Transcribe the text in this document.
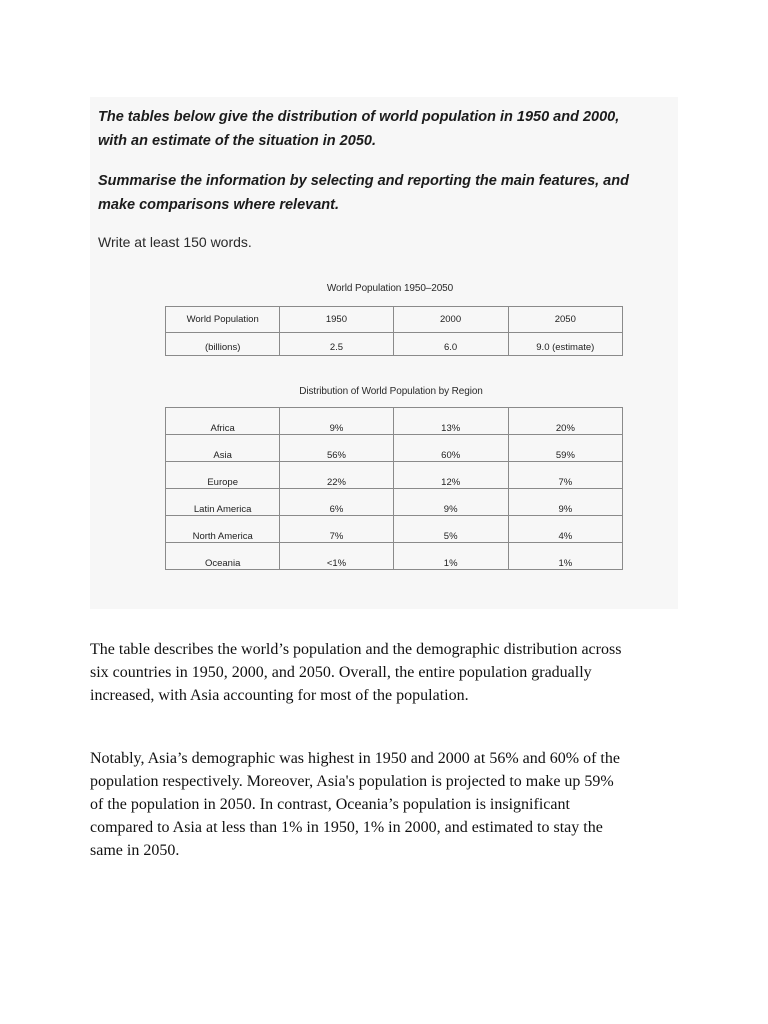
The tables below give the distribution of world population in 1950 and 2000,
with an estimate of the situation in 2050.

Summarise the information by selecting and reporting the main features, and
make comparisons where relevant.

Write at least 150 words.

World Population 1950–2050

World Population	1950	2000	2050
(billions)	2.5	6.0	9.0 (estimate)

Distribution of World Population by Region

Africa	9%	13%	20%
Asia	56%	60%	59%
Europe	22%	12%	7%
Latin America	6%	9%	9%
North America	7%	5%	4%
Oceania	<1%	1%	1%

The table describes the world’s population and the demographic distribution across
six countries in 1950, 2000, and 2050. Overall, the entire population gradually
increased, with Asia accounting for most of the population.

Notably, Asia’s demographic was highest in 1950 and 2000 at 56% and 60% of the
population respectively. Moreover, Asia's population is projected to make up 59%
of the population in 2050. In contrast, Oceania’s population is insignificant
compared to Asia at less than 1% in 1950, 1% in 2000, and estimated to stay the
same in 2050.
